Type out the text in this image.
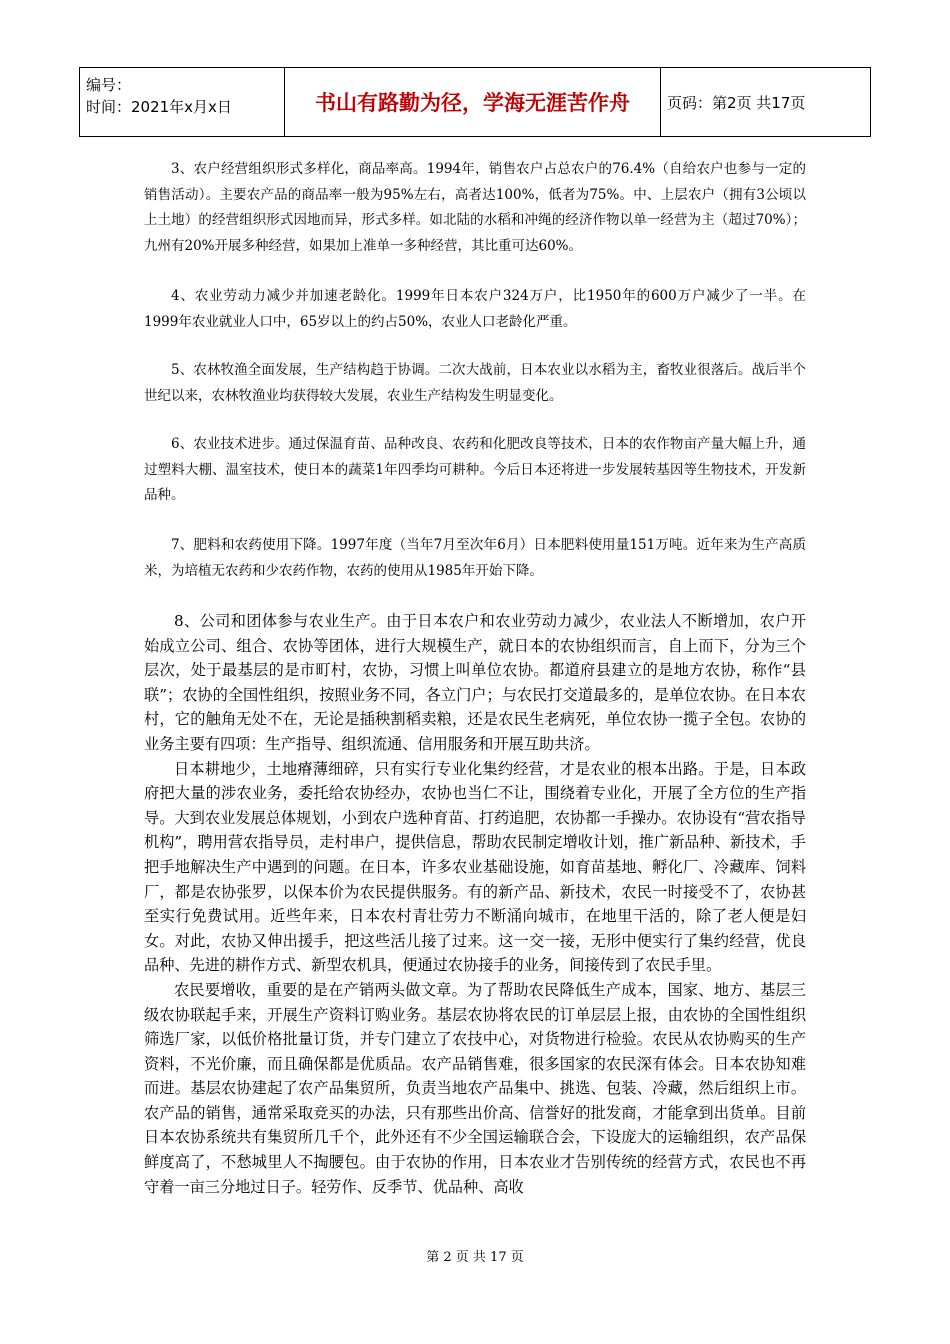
编号：
时间：2021年x月x日	书山有路勤为径，学海无涯苦作舟	页码：第2页 共17页

3、农户经营组织形式多样化，商品率高。1994年，销售农户占总农户的76.4%（自给农户也参与一定的销售活动）。主要农产品的商品率一般为95%左右，高者达100%，低者为75%。中、上层农户（拥有3公顷以上土地）的经营组织形式因地而异，形式多样。如北陆的水稻和冲绳的经济作物以单一经营为主（超过70%）；九州有20%开展多种经营，如果加上准单一多种经营，其比重可达60%。

4、农业劳动力减少并加速老龄化。1999年日本农户324万户，比1950年的600万户减少了一半。在1999年农业就业人口中，65岁以上的约占50%，农业人口老龄化严重。

5、农林牧渔全面发展，生产结构趋于协调。二次大战前，日本农业以水稻为主，畜牧业很落后。战后半个世纪以来，农林牧渔业均获得较大发展，农业生产结构发生明显变化。

6、农业技术进步。通过保温育苗、品种改良、农药和化肥改良等技术，日本的农作物亩产量大幅上升，通过塑料大棚、温室技术，使日本的蔬菜1年四季均可耕种。今后日本还将进一步发展转基因等生物技术，开发新品种。

7、肥料和农药使用下降。1997年度（当年7月至次年6月）日本肥料使用量151万吨。近年来为生产高质米，为培植无农药和少农药作物，农药的使用从1985年开始下降。

8、公司和团体参与农业生产。由于日本农户和农业劳动力减少，农业法人不断增加，农户开始成立公司、组合、农协等团体，进行大规模生产，就日本的农协组织而言，自上而下，分为三个层次，处于最基层的是市町村，农协，习惯上叫单位农协。都道府县建立的是地方农协，称作“县联”；农协的全国性组织，按照业务不同，各立门户；与农民打交道最多的，是单位农协。在日本农村，它的触角无处不在，无论是插秧割稻卖粮，还是农民生老病死，单位农协一揽子全包。农协的业务主要有四项：生产指导、组织流通、信用服务和开展互助共济。

日本耕地少，土地瘠薄细碎，只有实行专业化集约经营，才是农业的根本出路。于是，日本政府把大量的涉农业务，委托给农协经办，农协也当仁不让，围绕着专业化，开展了全方位的生产指导。大到农业发展总体规划，小到农户选种育苗、打药追肥，农协都一手操办。农协设有“营农指导机构”，聘用营农指导员，走村串户，提供信息，帮助农民制定增收计划，推广新品种、新技术，手把手地解决生产中遇到的问题。在日本，许多农业基础设施，如育苗基地、孵化厂、冷藏库、饲料厂，都是农协张罗，以保本价为农民提供服务。有的新产品、新技术，农民一时接受不了，农协甚至实行免费试用。近些年来，日本农村青壮劳力不断涌向城市，在地里干活的，除了老人便是妇女。对此，农协又伸出援手，把这些活儿接了过来。这一交一接，无形中便实行了集约经营，优良品种、先进的耕作方式、新型农机具，便通过农协接手的业务，间接传到了农民手里。

农民要增收，重要的是在产销两头做文章。为了帮助农民降低生产成本，国家、地方、基层三级农协联起手来，开展生产资料订购业务。基层农协将农民的订单层层上报，由农协的全国性组织筛选厂家，以低价格批量订货，并专门建立了农技中心，对货物进行检验。农民从农协购买的生产资料，不光价廉，而且确保都是优质品。农产品销售难，很多国家的农民深有体会。日本农协知难而进。基层农协建起了农产品集贸所，负责当地农产品集中、挑选、包装、冷藏，然后组织上市。农产品的销售，通常采取竞买的办法，只有那些出价高、信誉好的批发商，才能拿到出货单。目前日本农协系统共有集贸所几千个，此外还有不少全国运输联合会，下设庞大的运输组织，农产品保鲜度高了，不愁城里人不掏腰包。由于农协的作用，日本农业才告别传统的经营方式，农民也不再守着一亩三分地过日子。轻劳作、反季节、优品种、高收

第 2 页 共 17 页
